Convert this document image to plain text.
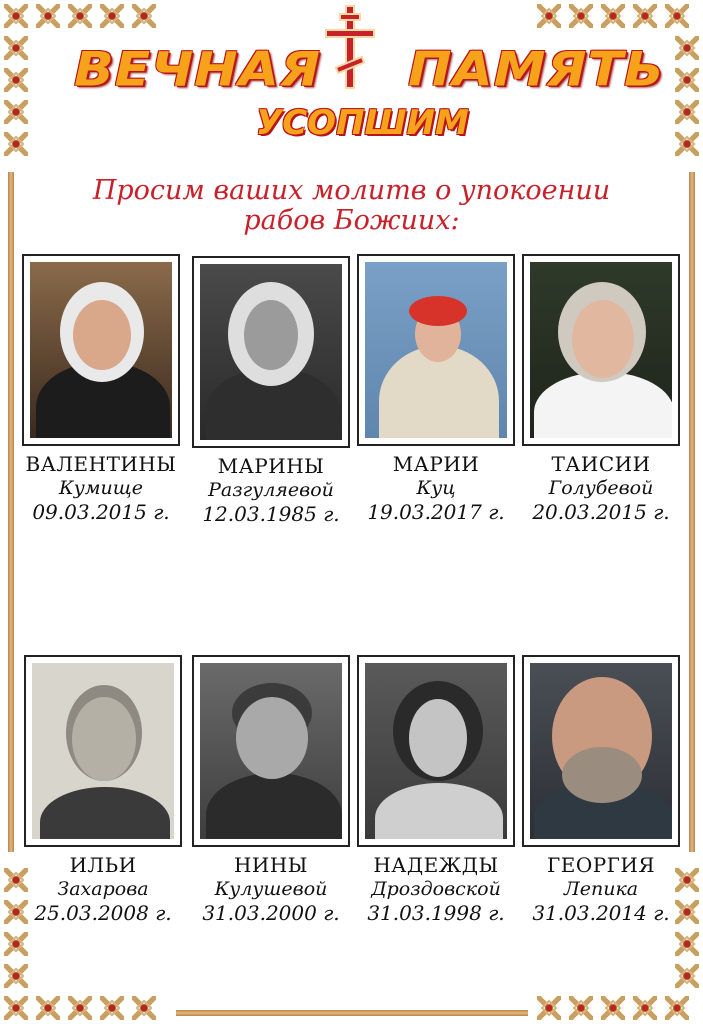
ВЕЧНАЯ ПАМЯТЬ
УСОПШИМ
Просим ваших молитв о упокоении
рабов Божиих:
ВАЛЕНТИНЫ
Кумище
09.03.2015 г.
МАРИНЫ
Разгуляевой
12.03.1985 г.
МАРИИ
Куц
19.03.2017 г.
ТАИСИИ
Голубевой
20.03.2015 г.
ИЛЬИ
Захарова
25.03.2008 г.
НИНЫ
Кулушевой
31.03.2000 г.
НАДЕЖДЫ
Дроздовской
31.03.1998 г.
ГЕОРГИЯ
Лепика
31.03.2014 г.
